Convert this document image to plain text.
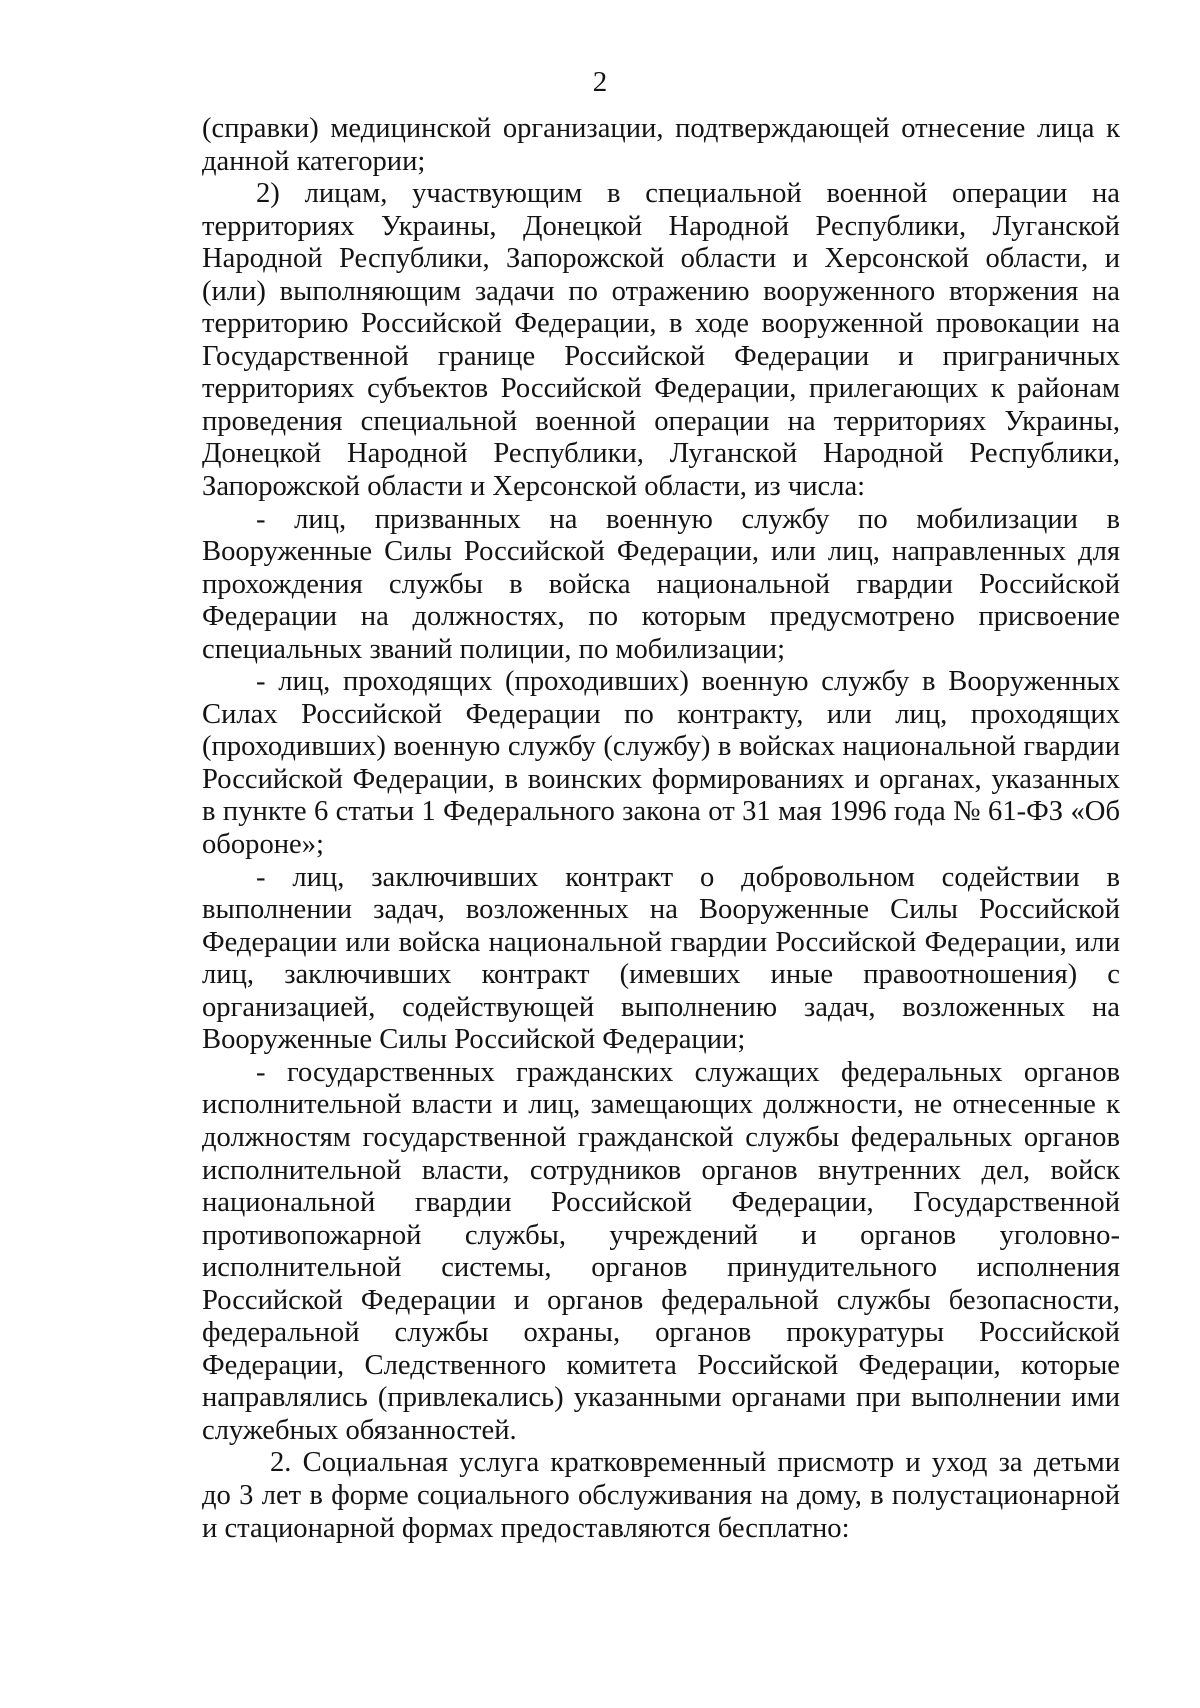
2

(справки) медицинской организации, подтверждающей отнесение лица к данной категории;

2) лицам, участвующим в специальной военной операции на территориях Украины, Донецкой Народной Республики, Луганской Народной Республики, Запорожской области и Херсонской области, и (или) выполняющим задачи по отражению вооруженного вторжения на территорию Российской Федерации, в ходе вооруженной провокации на Государственной границе Российской Федерации и приграничных территориях субъектов Российской Федерации, прилегающих к районам проведения специальной военной операции на территориях Украины, Донецкой Народной Республики, Луганской Народной Республики, Запорожской области и Херсонской области, из числа:

- лиц, призванных на военную службу по мобилизации в Вооруженные Силы Российской Федерации, или лиц, направленных для прохождения службы в войска национальной гвардии Российской Федерации на должностях, по которым предусмотрено присвоение специальных званий полиции, по мобилизации;

- лиц, проходящих (проходивших) военную службу в Вооруженных Силах Российской Федерации по контракту, или лиц, проходящих (проходивших) военную службу (службу) в войсках национальной гвардии Российской Федерации, в воинских формированиях и органах, указанных в пункте 6 статьи 1 Федерального закона от 31 мая 1996 года № 61-ФЗ «Об обороне»;

- лиц, заключивших контракт о добровольном содействии в выполнении задач, возложенных на Вооруженные Силы Российской Федерации или войска национальной гвардии Российской Федерации, или лиц, заключивших контракт (имевших иные правоотношения) с организацией, содействующей выполнению задач, возложенных на Вооруженные Силы Российской Федерации;

- государственных гражданских служащих федеральных органов исполнительной власти и лиц, замещающих должности, не отнесенные к должностям государственной гражданской службы федеральных органов исполнительной власти, сотрудников органов внутренних дел, войск национальной гвардии Российской Федерации, Государственной противопожарной службы, учреждений и органов уголовно-исполнительной системы, органов принудительного исполнения Российской Федерации и органов федеральной службы безопасности, федеральной службы охраны, органов прокуратуры Российской Федерации, Следственного комитета Российской Федерации, которые направлялись (привлекались) указанными органами при выполнении ими служебных обязанностей.

2. Социальная услуга кратковременный присмотр и уход за детьми до 3 лет в форме социального обслуживания на дому, в полустационарной и стационарной формах предоставляются бесплатно:
